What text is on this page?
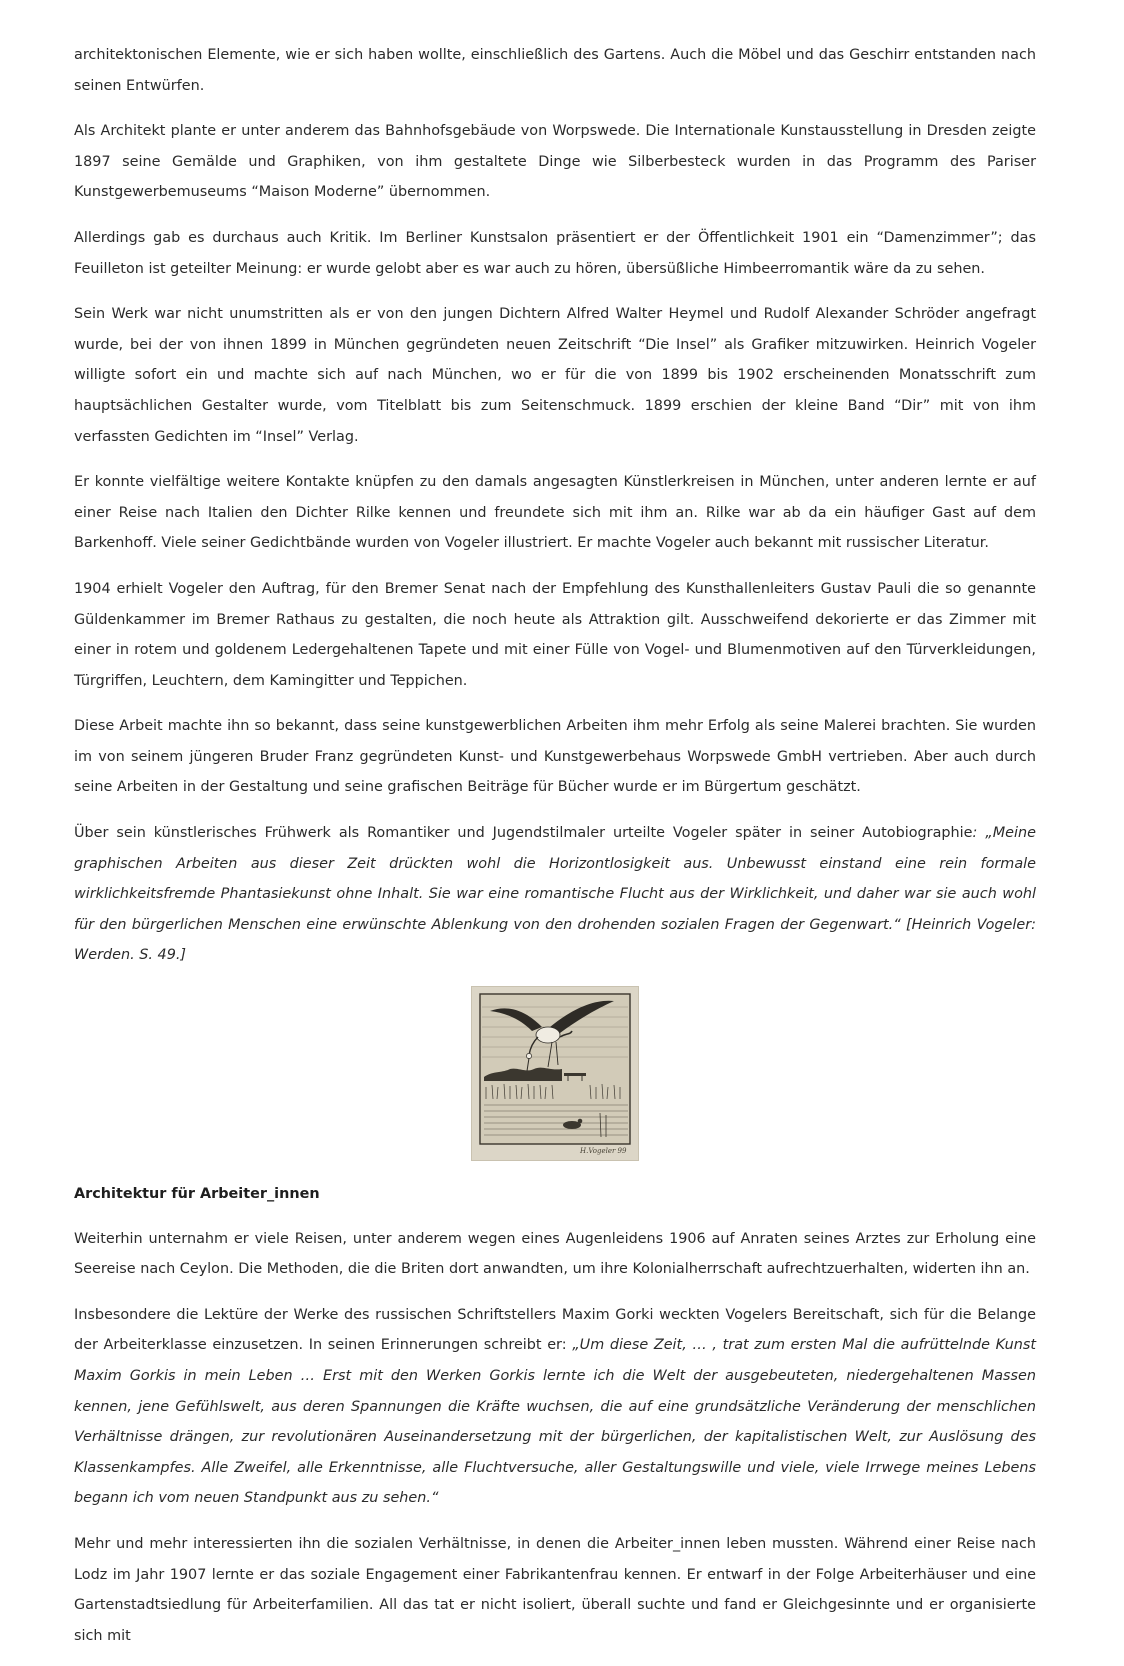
architektonischen Elemente, wie er sich haben wollte, einschließlich des Gartens. Auch die Möbel und das Geschirr entstanden nach seinen Entwürfen.

Als Architekt plante er unter anderem das Bahnhofsgebäude von Worpswede. Die Internationale Kunstausstellung in Dresden zeigte 1897 seine Gemälde und Graphiken, von ihm gestaltete Dinge wie Silberbesteck wurden in das Programm des Pariser Kunstgewerbemuseums “Maison Moderne” übernommen.

Allerdings gab es durchaus auch Kritik. Im Berliner Kunstsalon präsentiert er der Öffentlichkeit 1901 ein “Damenzimmer”; das Feuilleton ist geteilter Meinung: er wurde gelobt aber es war auch zu hören, übersüßliche Himbeerromantik wäre da zu sehen.

Sein Werk war nicht unumstritten als er von den jungen Dichtern Alfred Walter Heymel und Rudolf Alexander Schröder angefragt wurde, bei der von ihnen 1899 in München gegründeten neuen Zeitschrift “Die Insel” als Grafiker mitzuwirken. Heinrich Vogeler willigte sofort ein und machte sich auf nach München, wo er für die von 1899 bis 1902 erscheinenden Monatsschrift zum hauptsächlichen Gestalter wurde, vom Titelblatt bis zum Seitenschmuck. 1899 erschien der kleine Band “Dir” mit von ihm verfassten Gedichten im “Insel” Verlag.

Er konnte vielfältige weitere Kontakte knüpfen zu den damals angesagten Künstlerkreisen in München, unter anderen lernte er auf einer Reise nach Italien den Dichter Rilke kennen und freundete sich mit ihm an. Rilke war ab da ein häufiger Gast auf dem Barkenhoff. Viele seiner Gedichtbände wurden von Vogeler illustriert. Er machte Vogeler auch bekannt mit russischer Literatur.

1904 erhielt Vogeler den Auftrag, für den Bremer Senat nach der Empfehlung des Kunsthallenleiters Gustav Pauli die so genannte Güldenkammer im Bremer Rathaus zu gestalten, die noch heute als Attraktion gilt. Ausschweifend dekorierte er das Zimmer mit einer in rotem und goldenem Ledergehaltenen Tapete und mit einer Fülle von Vogel- und Blumenmotiven auf den Türverkleidungen, Türgriffen, Leuchtern, dem Kamingitter und Teppichen.

Diese Arbeit machte ihn so bekannt, dass seine kunstgewerblichen Arbeiten ihm mehr Erfolg als seine Malerei brachten. Sie wurden im von seinem jüngeren Bruder Franz gegründeten Kunst- und Kunstgewerbehaus Worpswede GmbH vertrieben. Aber auch durch seine Arbeiten in der Gestaltung und seine grafischen Beiträge für Bücher wurde er im Bürgertum geschätzt.

Über sein künstlerisches Frühwerk als Romantiker und Jugendstilmaler urteilte Vogeler später in seiner Autobiographie: „Meine graphischen Arbeiten aus dieser Zeit drückten wohl die Horizontlosigkeit aus. Unbewusst einstand eine rein formale wirklichkeitsfremde Phantasiekunst ohne Inhalt. Sie war eine romantische Flucht aus der Wirklichkeit, und daher war sie auch wohl für den bürgerlichen Menschen eine erwünschte Ablenkung von den drohenden sozialen Fragen der Gegenwart.“ [Heinrich Vogeler: Werden. S. 49.]

H.Vogeler 99
Architektur für Arbeiter_innen

Weiterhin unternahm er viele Reisen, unter anderem wegen eines Augenleidens 1906 auf Anraten seines Arztes zur Erholung eine Seereise nach Ceylon. Die Methoden, die die Briten dort anwandten, um ihre Kolonialherrschaft aufrechtzuerhalten, widerten ihn an.

Insbesondere die Lektüre der Werke des russischen Schriftstellers Maxim Gorki weckten Vogelers Bereitschaft, sich für die Belange der Arbeiterklasse einzusetzen. In seinen Erinnerungen schreibt er: „Um diese Zeit, … , trat zum ersten Mal die aufrüttelnde Kunst Maxim Gorkis in mein Leben … Erst mit den Werken Gorkis lernte ich die Welt der ausgebeuteten, niedergehaltenen Massen kennen, jene Gefühlswelt, aus deren Spannungen die Kräfte wuchsen, die auf eine grundsätzliche Veränderung der menschlichen Verhältnisse drängen, zur revolutionären Auseinandersetzung mit der bürgerlichen, der kapitalistischen Welt, zur Auslösung des Klassenkampfes. Alle Zweifel, alle Erkenntnisse, alle Fluchtversuche, aller Gestaltungswille und viele, viele Irrwege meines Lebens begann ich vom neuen Standpunkt aus zu sehen.“

Mehr und mehr interessierten ihn die sozialen Verhältnisse, in denen die Arbeiter_innen leben mussten. Während einer Reise nach Lodz im Jahr 1907 lernte er das soziale Engagement einer Fabrikantenfrau kennen. Er entwarf in der Folge Arbeiterhäuser und eine Gartenstadtsiedlung für Arbeiterfamilien. All das tat er nicht isoliert, überall suchte und fand er Gleichgesinnte und er organisierte sich mit
